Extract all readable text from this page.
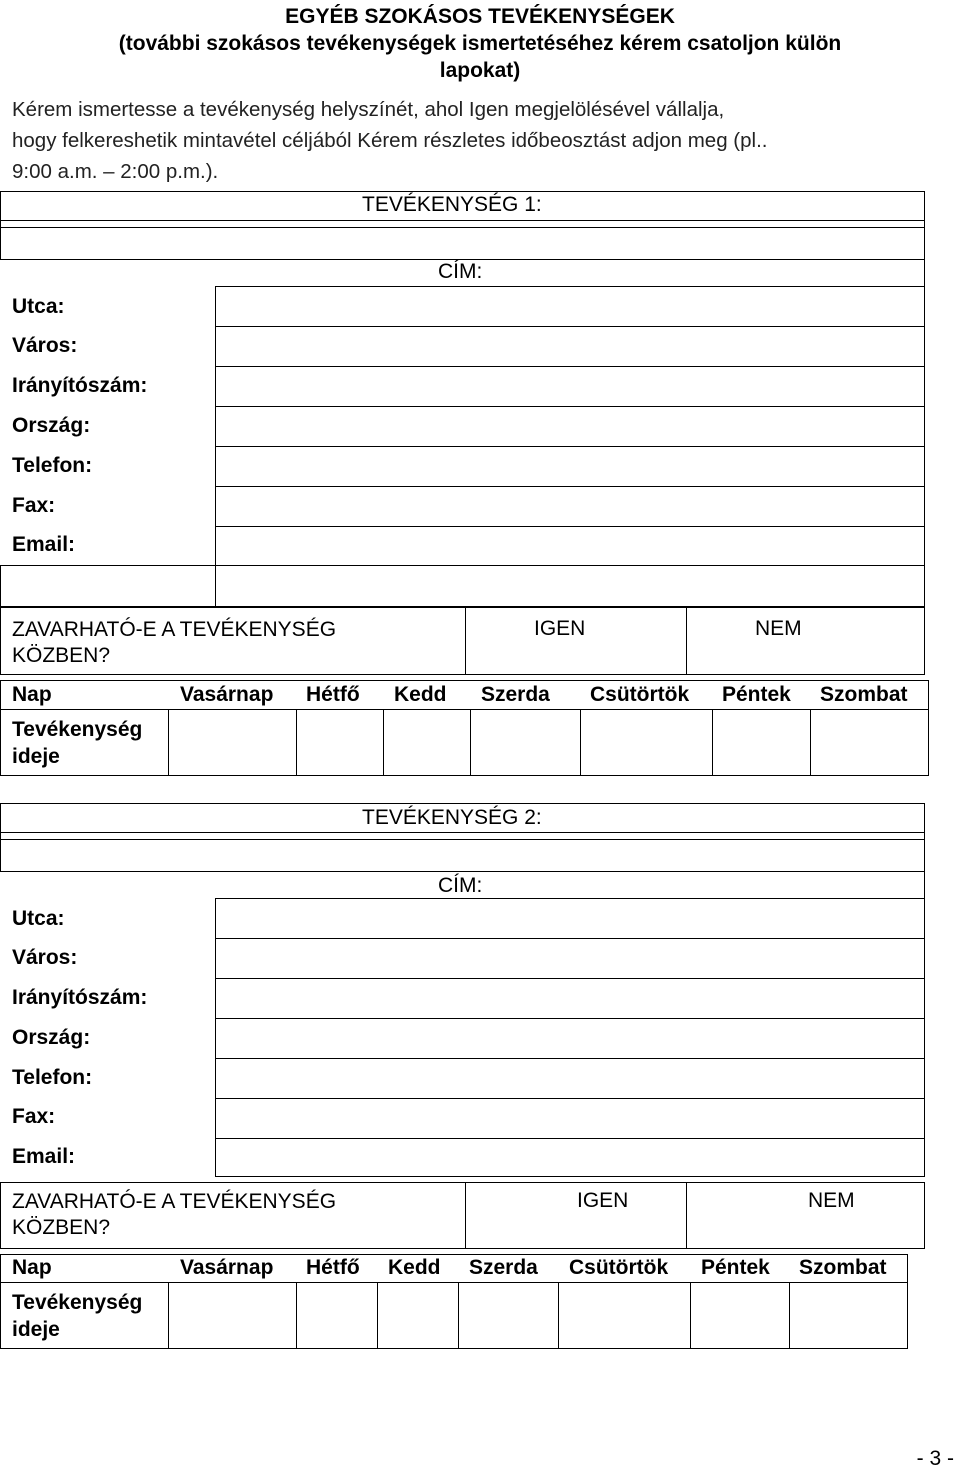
EGYÉB SZOKÁSOS TEVÉKENYSÉGEK
(további szokásos tevékenységek ismertetéséhez kérem csatoljon külön
lapokat)
Kérem ismertesse a tevékenység helyszínét, ahol Igen megjelölésével vállalja,
hogy felkereshetik mintavétel céljából Kérem részletes időbeosztást adjon meg (pl..
9:00 a.m. – 2:00 p.m.).
TEVÉKENYSÉG 1:
CÍM:
Utca:
Város:
Irányítószám:
Ország:
Telefon:
Fax:
Email:
ZAVARHATÓ-E A TEVÉKENYSÉG
KÖZBEN?
IGEN	NEM
Nap	Vasárnap Hétfő Kedd Szerda Csütörtök Péntek Szombat
Tevékenység
ideje
TEVÉKENYSÉG 2:
CÍM:
Utca:
Város:
Irányítószám:
Ország:
Telefon:
Fax:
Email:
ZAVARHATÓ-E A TEVÉKENYSÉG
KÖZBEN?
IGEN	NEM
Nap	Vasárnap Hétfő Kedd Szerda Csütörtök Péntek Szombat
Tevékenység
ideje
- 3 -
